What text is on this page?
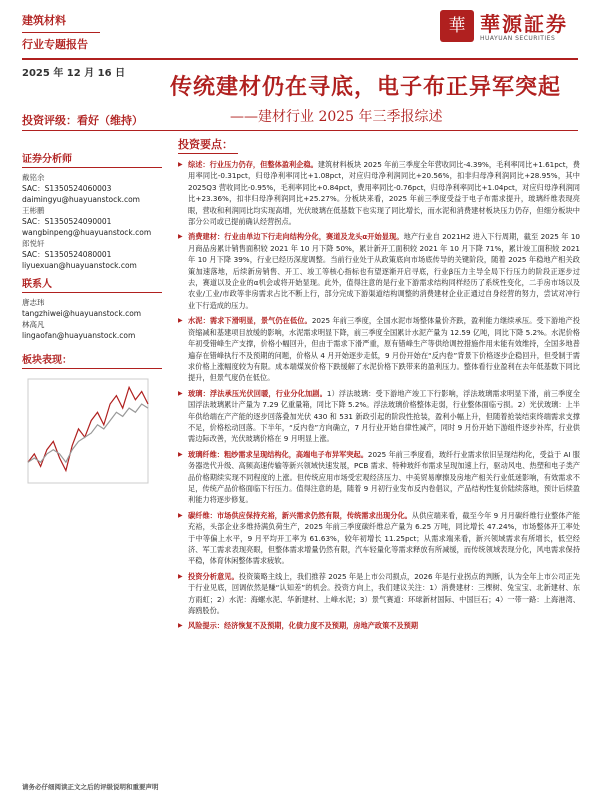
建筑材料
行业专题报告
華 華源証券
HUAYUAN SECURITIES
2025 年 12 月 16 日
传统建材仍在寻底，电子布正异军突起
投资评级：看好（维持）	——建材行业 2025 年三季报综述
证券分析师
戴铭余
SAC：S1350524060003
daimingyu@huayuanstock.com
王彬鹏
SAC：S1350524090001
wangbinpeng@huayuanstock.com
郎悦轩
SAC：S1350524080001
liyuexuan@huayuanstock.com
联系人
唐志玮
tangzhiwei@huayuanstock.com
林高凡
lingaofan@huayuanstock.com
板块表现：
投资要点：
▶ 综述：行业压力仍存，但整体盈利企稳。建筑材料板块 2025 年前三季度全年营收同比-4.39%，毛利率同比+1.61pct，费用率同比-0.31pct，归母净利率同比+1.08pct，对应归母净利润同比+20.56%，扣非归母净利润同比+28.95%，其中 2025Q3 营收同比-0.95%，毛利率同比+0.84pct，费用率同比-0.76pct，归母净利率同比+1.04pct，对应归母净利润同比+23.36%，扣非归母净利润同比+25.27%。分板块来看，2025 年前三季度受益于电子布需求提升，玻璃纤维表现亮眼，营收和利润同比均实现高增，光伏玻璃在低基数下也实现了同比增长，而水泥和消费建材板块压力仍存，但细分板块中部分公司或已提前确认经营拐点。
▶ 消费建材：行业由单边下行走向结构分化，赛道及龙头α开始显现。地产行业自 2021H2 进入下行周期，截至 2025 年 10 月商品房累计销售面积较 2021 年 10 月下降 50%，累计新开工面积较 2021 年 10 月下降 71%，累计竣工面积较 2021 年 10 月下降 39%，行业已经历深度调整。当前行业处于从政策底向市场底传导的关键阶段，随着 2025 年稳地产相关政策加速落地，后续新房销售、开工、竣工等核心指标也有望逐渐开启寻底，行业β压力主导全局下行压力的阶段正逐步过去，赛道以及企业的α机会或将开始显现。此外，值得注意的是行业下游需求结构同样经历了系统性变化，二手房市场以及农业/工业/市政等非房需求占比不断上行，部分完成下游渠道结构调整的消费建材企业正通过自身经营的努力，尝试对冲行业下行造成的压力。
▶ 水泥：需求下滑明显，景气仍在低位。2025 年前三季度，全国水泥市场整体量价齐跌，盈利能力继续承压。受下游地产投资缩减和基建项目放缓的影响，水泥需求明显下降，前三季度全国累计水泥产量为 12.59 亿吨，同比下降 5.2%。水泥价格年初受错峰生产支撑，价格小幅回升，但由于需求下滑严重，原有错峰生产等供给调控措施作用未能有效维持，全国多地普遍存在错峰执行不及预期的问题，价格从 4 月开始逐步走低，9 月份开始在“反内卷”背景下价格逐步企稳回升，但受制于需求价格上涨幅度较为有限。成本端煤炭价格下跌缓解了水泥价格下跌带来的盈利压力。整体看行业盈利在去年低基数下同比提升，但景气度仍在低位。
▶ 玻璃：浮法承压光伏回暖，行业分化加剧。1）浮法玻璃：受下游地产竣工下行影响，浮法玻璃需求明显下滑，前三季度全国浮法玻璃累计产量为 7.29 亿重量箱，同比下降 5.2%。浮法玻璃价格整体走弱，行业整体面临亏损。2）光伏玻璃：上半年供给端在产产能的逐步回落叠加光伏 430 和 531 新政引起的阶段性抢装，盈利小幅上升，但随着抢装结束终端需求支撑不足，价格松动回落。下半年，“反内卷”方向确立，7 月行业开始自律性减产，同时 9 月份开始下游组件逐步补库，行业供需边际改善，光伏玻璃价格在 9 月明显上涨。
▶ 玻璃纤维：粗纱需求呈现结构化，高端电子布异军突起。2025 年前三季度看，玻纤行业需求依旧呈现结构化，受益于 AI 服务器迭代升级、高频高速传输等新兴领域快速发展，PCB 需求、特种玻纤布需求呈现加速上行，驱动风电、热塑和电子类产品价格期续实现不同程度的上涨。但传统应用市场受宏观经济压力、中美贸易摩擦及房地产相关行业低迷影响，有效需求不足，传统产品价格面临下行压力。值得注意的是，随着 9 月初行业发布反内卷倡议，产品结构性复价陆续落地，预计后续盈利能力将逐步修复。
▶ 碳纤维：市场供应保持充裕，新兴需求仍然有限，传统需求出现分化。从供应端来看，截至今年 9 月月碳纤维行业整体产能充裕，头部企业多维持满负荷生产，2025 年前三季度碳纤维总产量为 6.25 万吨，同比增长 47.24%，市场整体开工率处于中等偏上水平，9 月平均开工率为 61.63%，较年初增长 11.25pct；从需求端来看，新兴领域需求有所增长，低空经济、军工需求表现亮眼，但整体需求增量仍然有限，汽车轻量化等需求释放有所减缓，而传统领域表现分化，风电需求保持平稳，体育休闲整体需求疲软。
▶ 投资分析意见。投资策略主线上，我们推荐 2025 年是上市公司损点，2026 年是行业拐点的判断，认为全年上市公司正先于行业见底，回调依然是赚“认知差”的机会。投资方向上，我们建议关注：1）消费建材：三棵树、兔宝宝、北新建材、东方雨虹；2）水泥：海螺水泥、华新建材、上峰水泥；3）景气赛道：环球新材国际、中国巨石；4）一带一路：上海港湾、海鸥股份。
▶ 风险提示：经济恢复不及预期，化债力度不及预期，房地产政策不及预期
请务必仔细阅读正文之后的评级说明和重要声明
